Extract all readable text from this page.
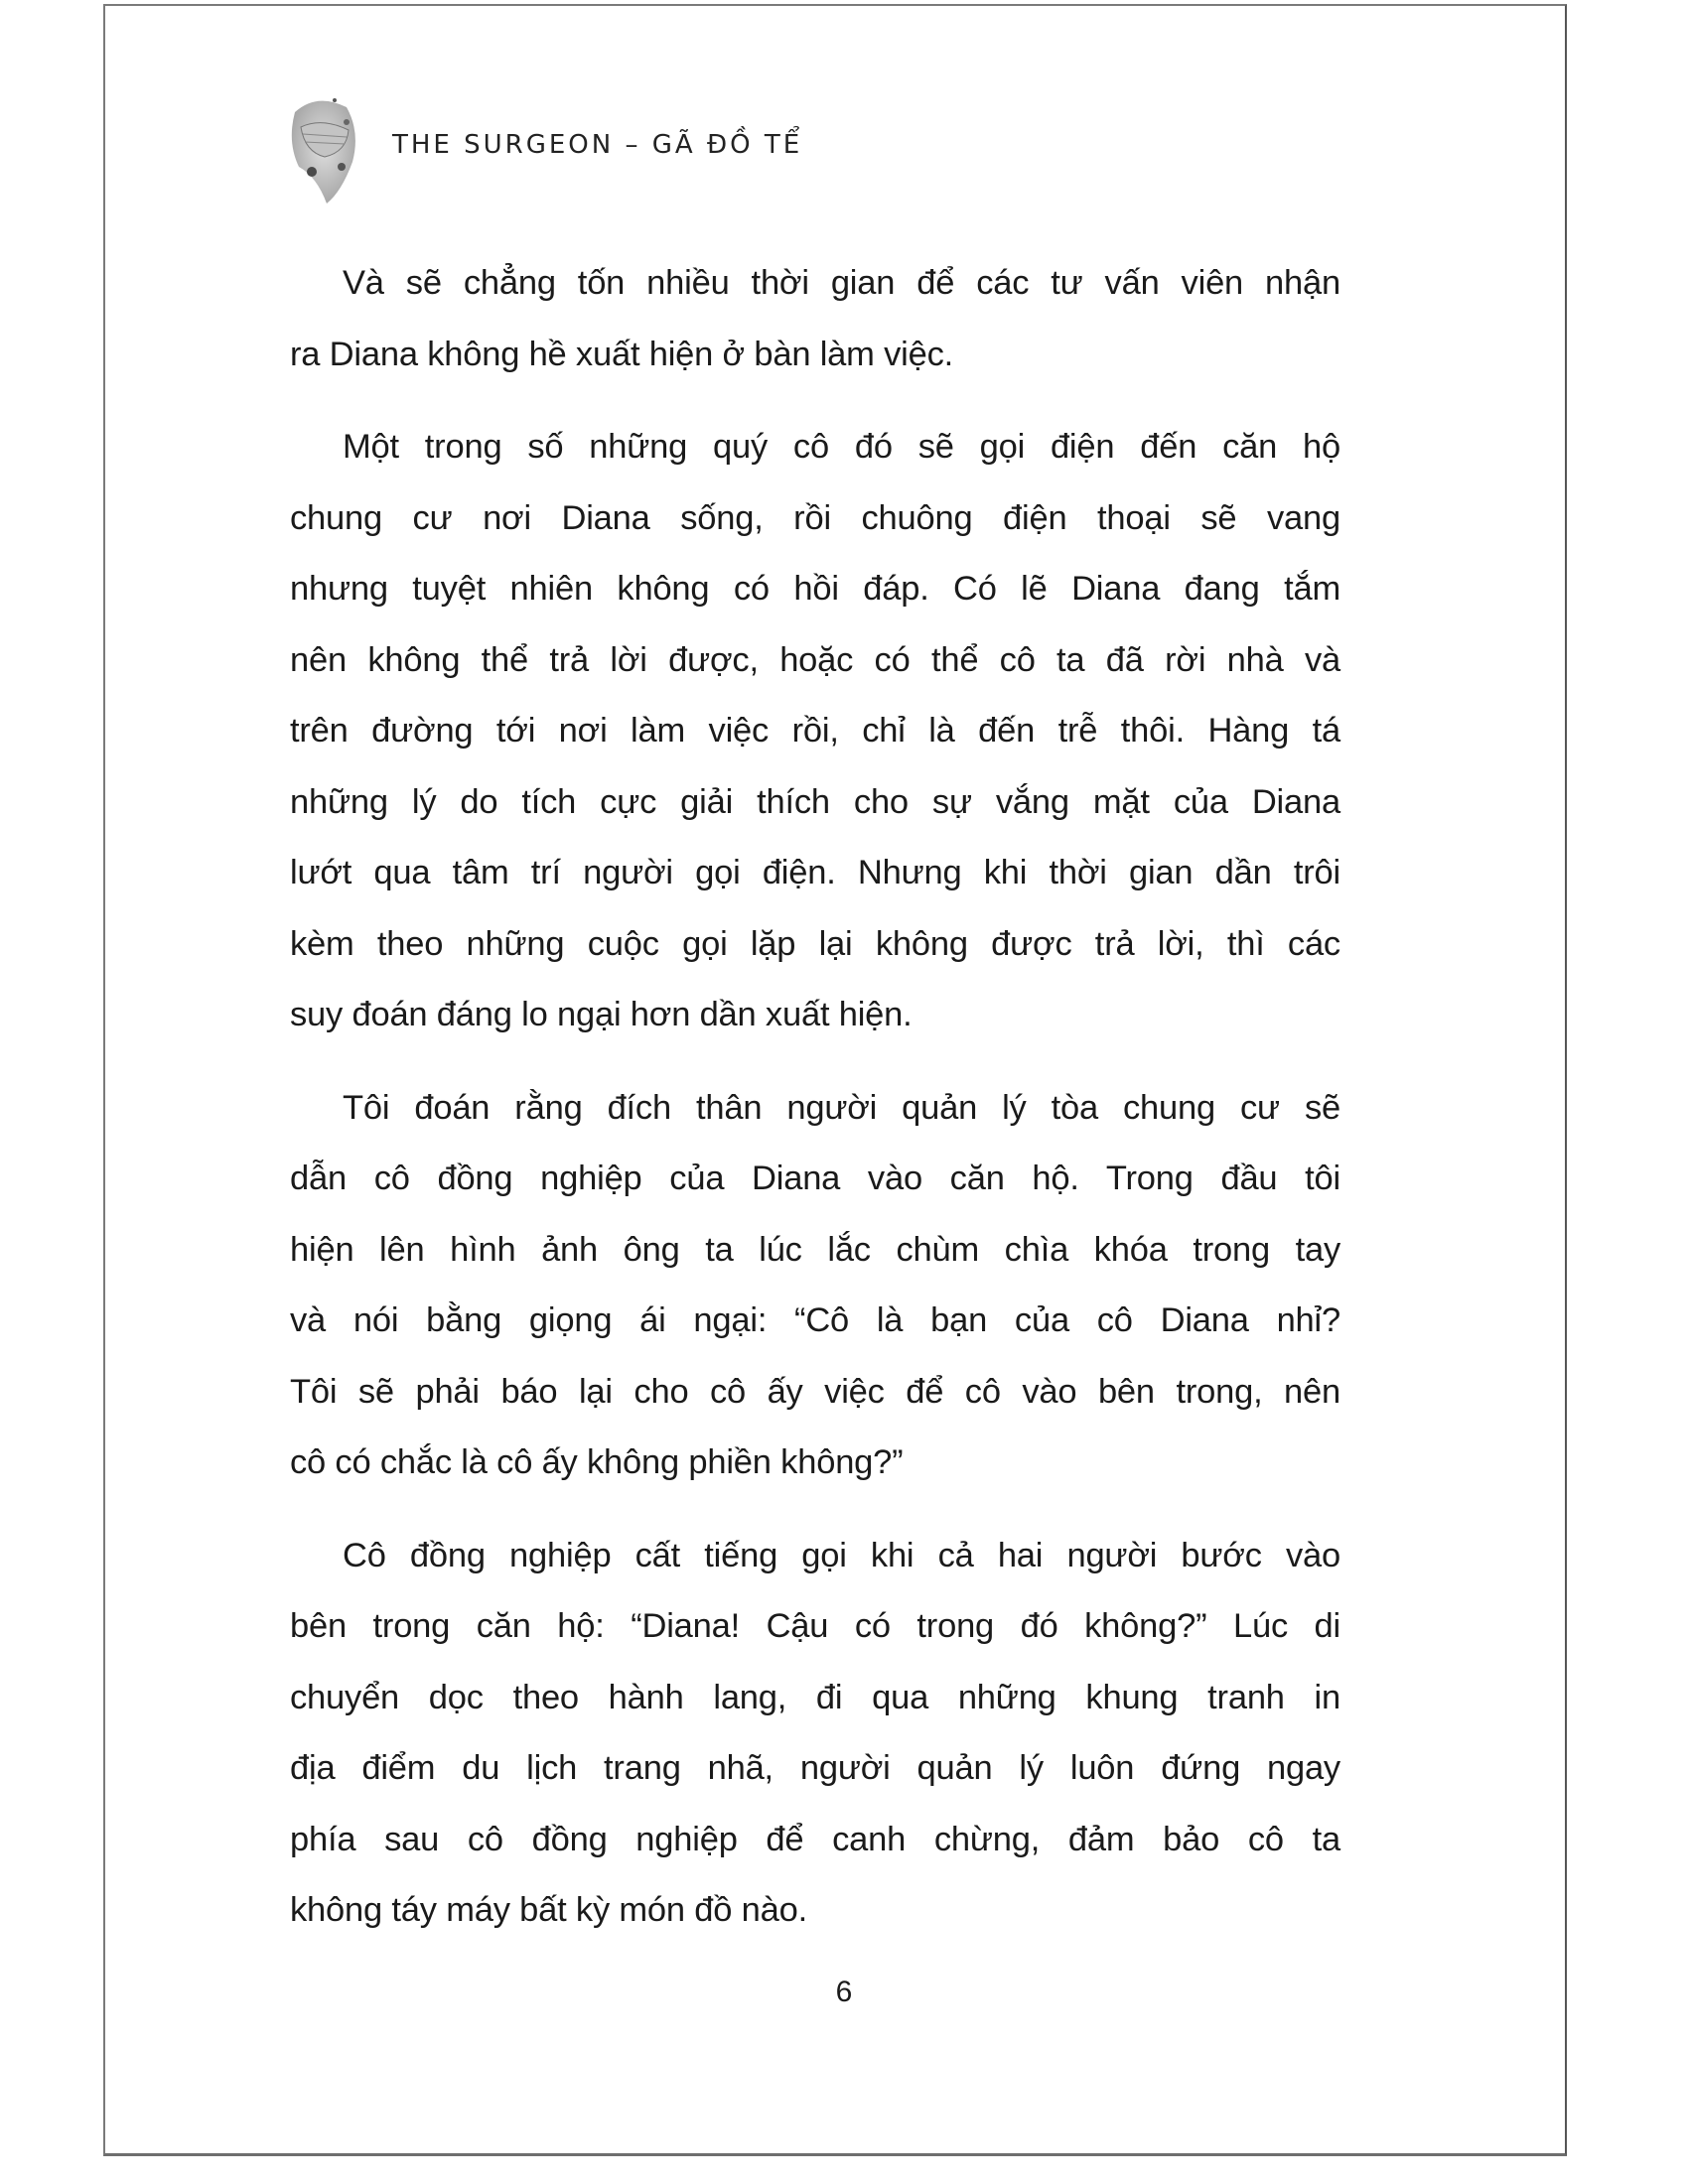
THE SURGEON – GÃ ĐỒ TỂ
Và sẽ chẳng tốn nhiều thời gian để các tư vấn viên nhận
ra Diana không hề xuất hiện ở bàn làm việc.
Một trong số những quý cô đó sẽ gọi điện đến căn hộ
chung cư nơi Diana sống, rồi chuông điện thoại sẽ vang
nhưng tuyệt nhiên không có hồi đáp. Có lẽ Diana đang tắm
nên không thể trả lời được, hoặc có thể cô ta đã rời nhà và
trên đường tới nơi làm việc rồi, chỉ là đến trễ thôi. Hàng tá
những lý do tích cực giải thích cho sự vắng mặt của Diana
lướt qua tâm trí người gọi điện. Nhưng khi thời gian dần trôi
kèm theo những cuộc gọi lặp lại không được trả lời, thì các
suy đoán đáng lo ngại hơn dần xuất hiện.
Tôi đoán rằng đích thân người quản lý tòa chung cư sẽ
dẫn cô đồng nghiệp của Diana vào căn hộ. Trong đầu tôi
hiện lên hình ảnh ông ta lúc lắc chùm chìa khóa trong tay
và nói bằng giọng ái ngại: “Cô là bạn của cô Diana nhỉ?
Tôi sẽ phải báo lại cho cô ấy việc để cô vào bên trong, nên
cô có chắc là cô ấy không phiền không?”
Cô đồng nghiệp cất tiếng gọi khi cả hai người bước vào
bên trong căn hộ: “Diana! Cậu có trong đó không?” Lúc di
chuyển dọc theo hành lang, đi qua những khung tranh in
địa điểm du lịch trang nhã, người quản lý luôn đứng ngay
phía sau cô đồng nghiệp để canh chừng, đảm bảo cô ta
không táy máy bất kỳ món đồ nào.
6
